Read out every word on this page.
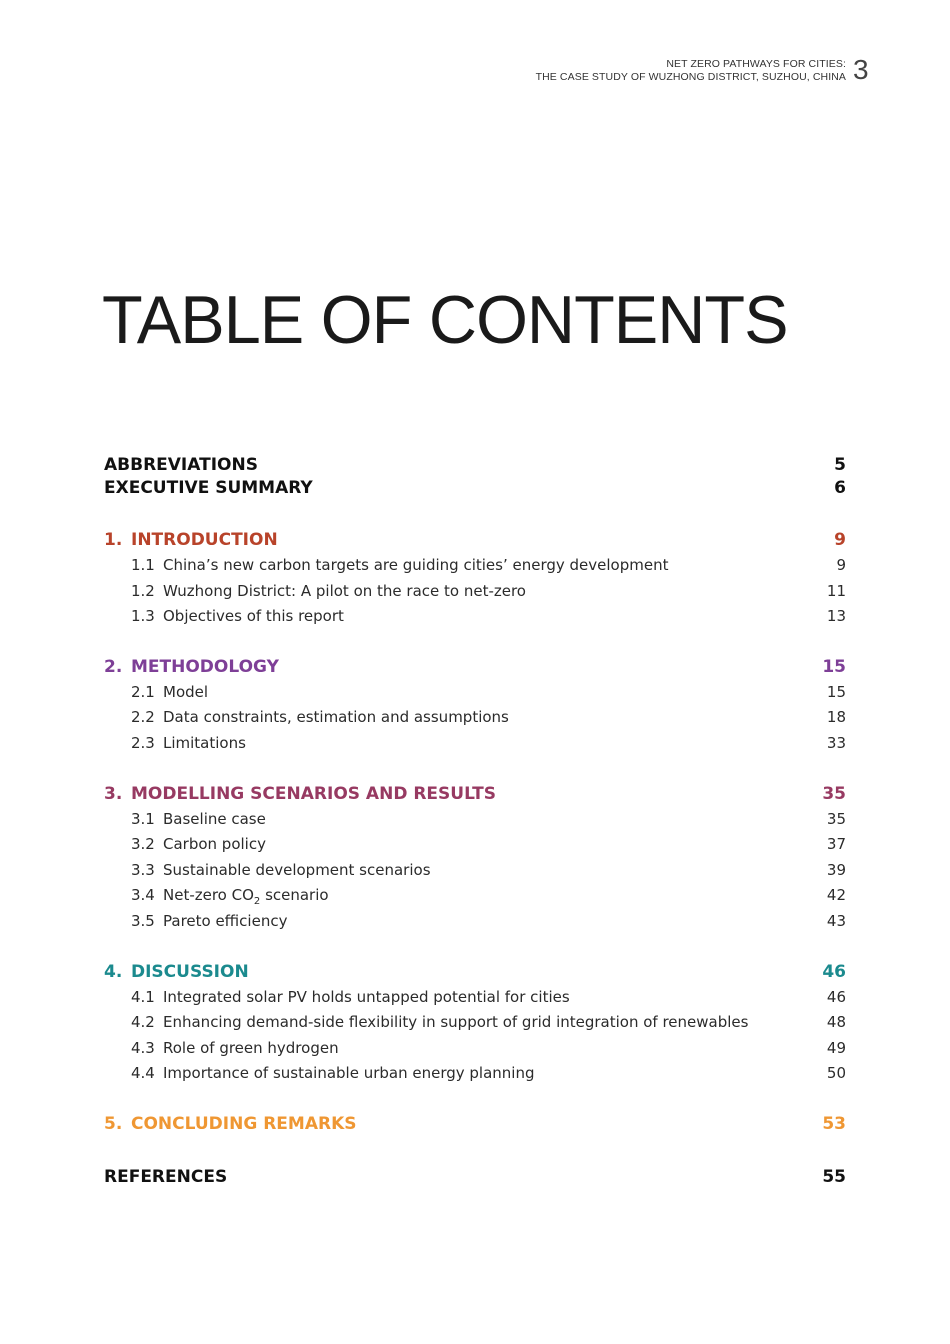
NET ZERO PATHWAYS FOR CITIES:
THE CASE STUDY OF WUZHONG DISTRICT, SUZHOU, CHINA 3
TABLE OF CONTENTS
ABBREVIATIONS	5
EXECUTIVE SUMMARY	6
1. INTRODUCTION	9
1.1 China’s new carbon targets are guiding cities’ energy development	9
1.2 Wuzhong District: A pilot on the race to net-zero	11
1.3 Objectives of this report	13
2. METHODOLOGY	15
2.1 Model	15
2.2 Data constraints, estimation and assumptions	18
2.3 Limitations	33
3. MODELLING SCENARIOS AND RESULTS	35
3.1 Baseline case	35
3.2 Carbon policy	37
3.3 Sustainable development scenarios	39
3.4 Net-zero $CO_2$ scenario	42
3.5 Pareto efficiency	43
4. DISCUSSION	46
4.1 Integrated solar PV holds untapped potential for cities	46
4.2 Enhancing demand-side flexibility in support of grid integration of renewables	48
4.3 Role of green hydrogen	49
4.4 Importance of sustainable urban energy planning	50
5. CONCLUDING REMARKS	53
REFERENCES	55
